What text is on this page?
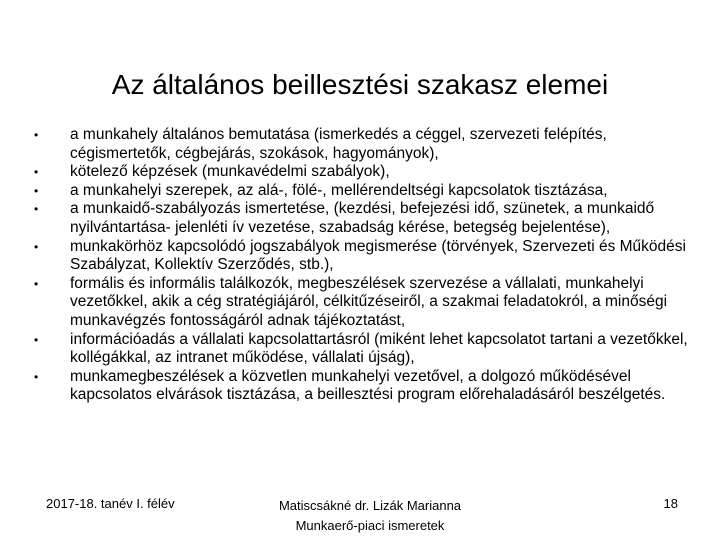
Az általános beillesztési szakasz elemei
• a munkahely általános bemutatása (ismerkedés a céggel, szervezeti felépítés, cégismertetők, cégbejárás, szokások, hagyományok),
• kötelező képzések (munkavédelmi szabályok),
• a munkahelyi szerepek, az alá-, fölé-, mellérendeltségi kapcsolatok tisztázása,
• a munkaidő-szabályozás ismertetése, (kezdési, befejezési idő, szünetek, a munkaidő nyilvántartása- jelenléti ív vezetése, szabadság kérése, betegség bejelentése),
• munkakörhöz kapcsolódó jogszabályok megismerése (törvények, Szervezeti és Működési Szabályzat, Kollektív Szerződés, stb.),
• formális és informális találkozók, megbeszélések szervezése a vállalati, munkahelyi vezetőkkel, akik a cég stratégiájáról, célkitűzéseiről, a szakmai feladatokról, a minőségi munkavégzés fontosságáról adnak tájékoztatást,
• információadás a vállalati kapcsolattartásról (miként lehet kapcsolatot tartani a vezetőkkel, kollégákkal, az intranet működése, vállalati újság),
• munkamegbeszélések a közvetlen munkahelyi vezetővel, a dolgozó működésével kapcsolatos elvárások tisztázása, a beillesztési program előrehaladásáról beszélgetés.
2017-18. tanév I. félév	Matiscsákné dr. Lizák Marianna
Munkaerő-piaci ismeretek
18
